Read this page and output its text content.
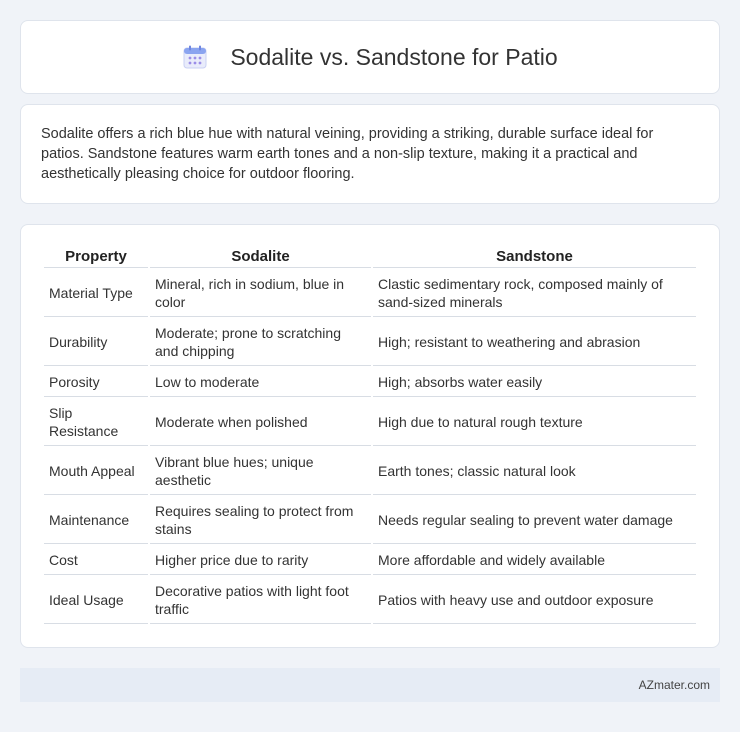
Sodalite vs. Sandstone for Patio

Sodalite offers a rich blue hue with natural veining, providing a striking, durable surface ideal for patios. Sandstone features warm earth tones and a non-slip texture, making it a practical and aesthetically pleasing choice for outdoor flooring.

Property	Sodalite	Sandstone
Material Type	Mineral, rich in sodium, blue in color	Clastic sedimentary rock, composed mainly of sand-sized minerals
Durability	Moderate; prone to scratching and chipping	High; resistant to weathering and abrasion
Porosity	Low to moderate	High; absorbs water easily
Slip Resistance	Moderate when polished	High due to natural rough texture
Mouth Appeal	Vibrant blue hues; unique aesthetic	Earth tones; classic natural look
Maintenance	Requires sealing to protect from stains	Needs regular sealing to prevent water damage
Cost	Higher price due to rarity	More affordable and widely available
Ideal Usage	Decorative patios with light foot traffic	Patios with heavy use and outdoor exposure
AZmater.com
